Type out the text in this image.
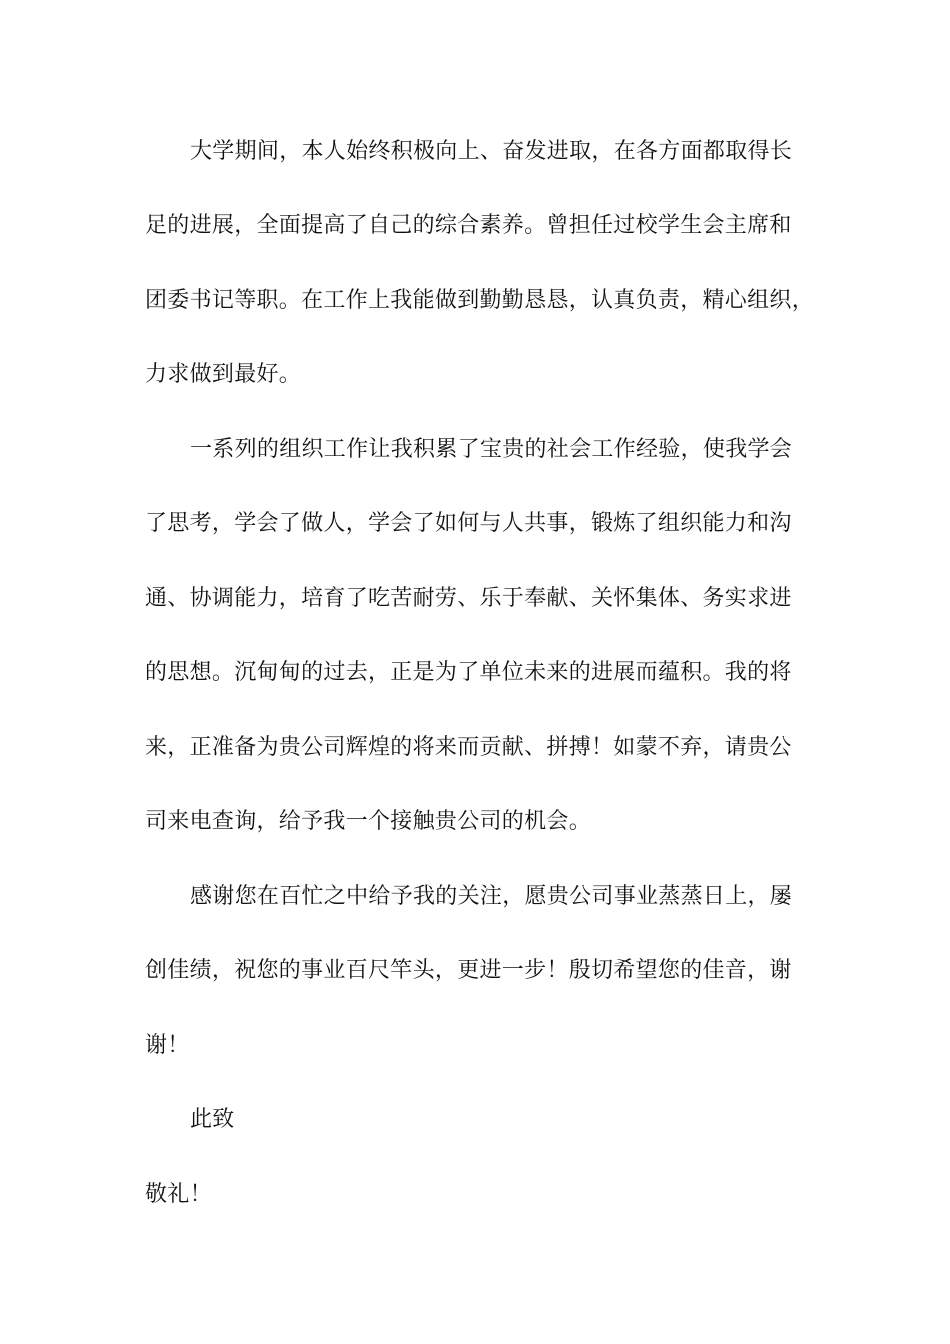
大学期间，本人始终积极向上、奋发进取，在各方面都取得长
足的进展，全面提高了自己的综合素养。曾担任过校学生会主席和
团委书记等职。在工作上我能做到勤勤恳恳，认真负责，精心组织，
力求做到最好。
一系列的组织工作让我积累了宝贵的社会工作经验，使我学会
了思考，学会了做人，学会了如何与人共事，锻炼了组织能力和沟
通、协调能力，培育了吃苦耐劳、乐于奉献、关怀集体、务实求进
的思想。沉甸甸的过去，正是为了单位未来的进展而蕴积。我的将
来，正准备为贵公司辉煌的将来而贡献、拼搏！如蒙不弃，请贵公
司来电查询，给予我一个接触贵公司的机会。
感谢您在百忙之中给予我的关注，愿贵公司事业蒸蒸日上，屡
创佳绩，祝您的事业百尺竿头，更进一步！殷切希望您的佳音，谢
谢！
此致
敬礼！
